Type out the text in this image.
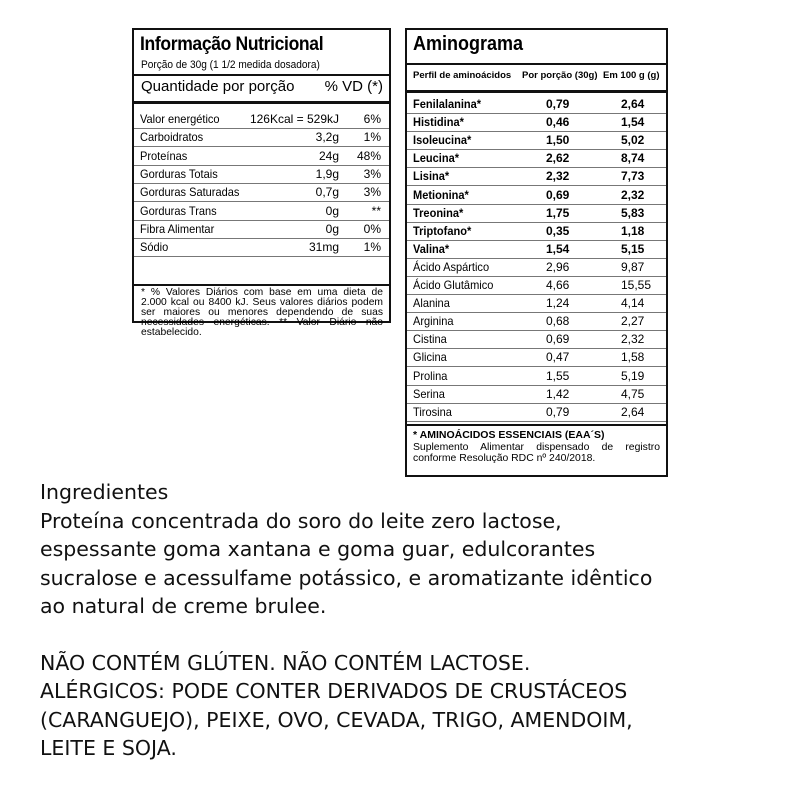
Informação Nutricional
Porção de 30g (1 1/2 medida dosadora)
Quantidade por porção % VD (*)
Valor energético	126Kcal = 529kJ 6%
Carboidratos	3,2g 1%
Proteínas	24g 48%
Gorduras Totais	1,9g 3%
Gorduras Saturadas	0,7g 3%
Gorduras Trans	0g	**
Fibra Alimentar	0g 0%
Sódio	31mg 1%
* % Valores Diários com base em uma dieta de 2.000 kcal ou 8400 kJ. Seus valores diários podem ser maiores ou menores dependendo de suas necessidades energéticas. ** Valor Diário não estabelecido.
Aminograma
Perfil de aminoácidos Por porção (30g) Em 100 g (g)
Fenilalanina*	0,79	2,64
Histidina*	0,46	1,54
Isoleucina*	1,50	5,02
Leucina*	2,62	8,74
Lisina*	2,32	7,73
Metionina*	0,69	2,32
Treonina*	1,75	5,83
Triptofano*	0,35	1,18
Valina*	1,54	5,15
Ácido Aspártico	2,96	9,87
Ácido Glutâmico	4,66	15,55
Alanina	1,24	4,14
Arginina	0,68	2,27
Cistina	0,69	2,32
Glicina	0,47	1,58
Prolina	1,55	5,19
Serina	1,42	4,75
Tirosina	0,79	2,64
* AMINOÁCIDOS ESSENCIAIS (EAA´S)
Suplemento Alimentar dispensado de registro conforme Resolução RDC nº 240/2018.

Ingredientes

Proteína concentrada do soro do leite zero lactose,

espessante goma xantana e goma guar, edulcorantes

sucralose e acessulfame potássico, e aromatizante idêntico

ao natural de creme brulee.

NÃO CONTÉM GLÚTEN. NÃO CONTÉM LACTOSE.

ALÉRGICOS: PODE CONTER DERIVADOS DE CRUSTÁCEOS

(CARANGUEJO), PEIXE, OVO, CEVADA, TRIGO, AMENDOIM,

LEITE E SOJA.
